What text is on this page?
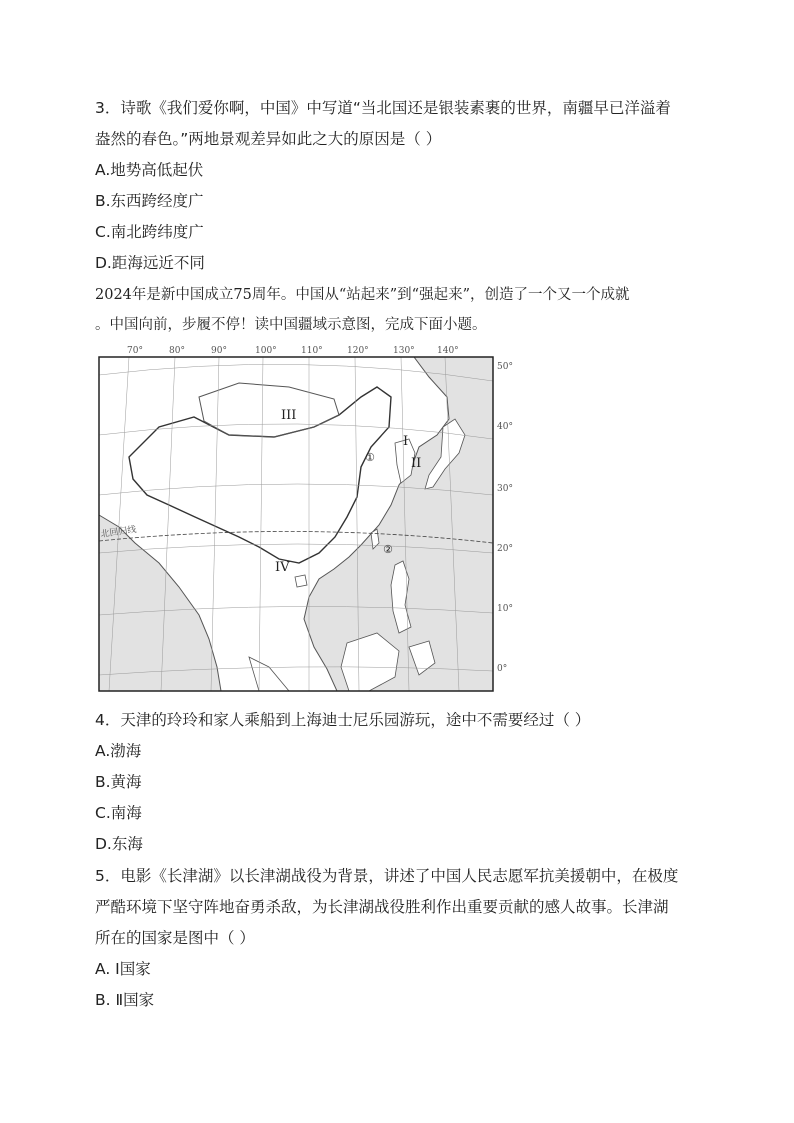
3．诗歌《我们爱你啊，中国》中写道“当北国还是银装素裹的世界，南疆早已洋溢着
盎然的春色。”两地景观差异如此之大的原因是（ ）
A.地势高低起伏
B.东西跨经度广
C.南北跨纬度广
D.距海远近不同
2024年是新中国成立75周年。中国从“站起来”到“强起来”，创造了一个又一个成就
。中国向前，步履不停！读中国疆域示意图，完成下面小题。
70°	80°	90°	100°	110°	120°	130° 140°
北回归线
III
I
II
IV
①
②
50°
40°
30°
20°
10°
0°
4．天津的玲玲和家人乘船到上海迪士尼乐园游玩，途中不需要经过（ ）
A.渤海
B.黄海
C.南海
D.东海
5．电影《长津湖》以长津湖战役为背景，讲述了中国人民志愿军抗美援朝中，在极度
严酷环境下坚守阵地奋勇杀敌，为长津湖战役胜利作出重要贡献的感人故事。长津湖
所在的国家是图中（ ）
A. Ⅰ国家
B. Ⅱ国家
